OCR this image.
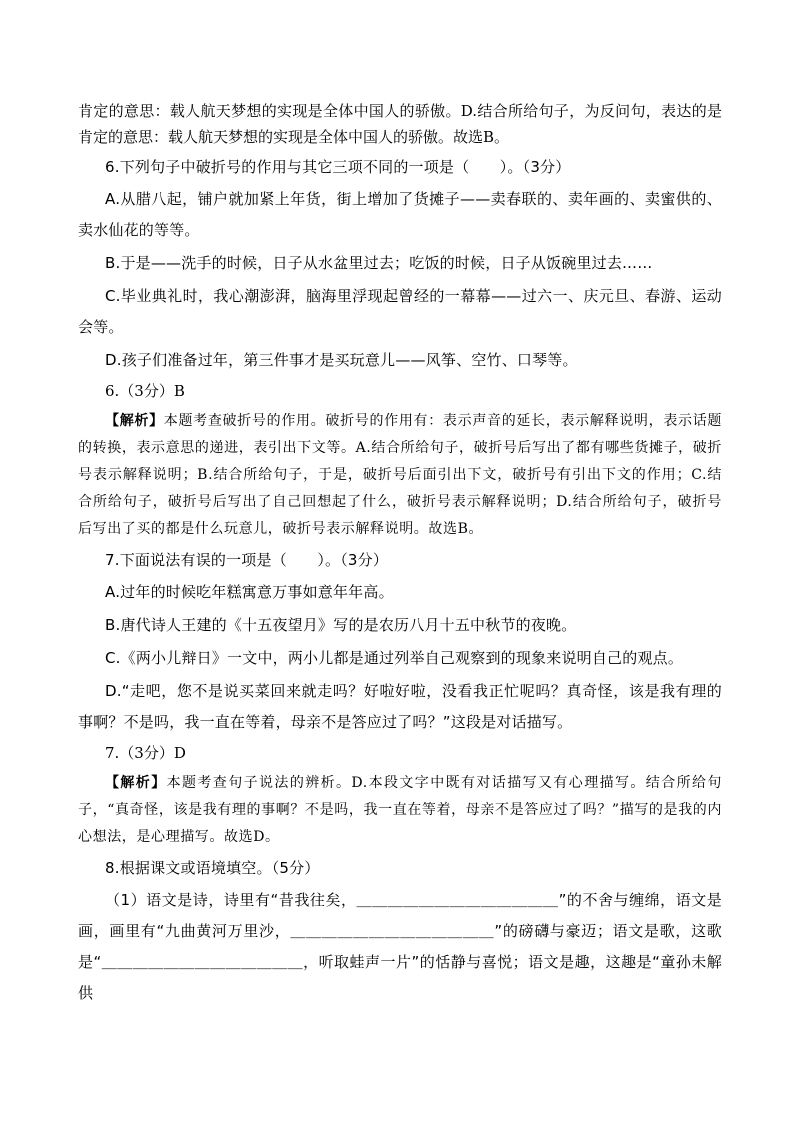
肯定的意思：载人航天梦想的实现是全体中国人的骄傲。D.结合所给句子，为反问句，表达的是肯定的意思：载人航天梦想的实现是全体中国人的骄傲。故选B。

6.下列句子中破折号的作用与其它三项不同的一项是（　　）。（3分）

A.从腊八起，铺户就加紧上年货，街上增加了货摊子——卖春联的、卖年画的、卖蜜供的、卖水仙花的等等。

B.于是——洗手的时候，日子从水盆里过去；吃饭的时候，日子从饭碗里过去……

C.毕业典礼时，我心潮澎湃，脑海里浮现起曾经的一幕幕——过六一、庆元旦、春游、运动会等。

D.孩子们准备过年，第三件事才是买玩意儿——风筝、空竹、口琴等。

6.（3分）B

【解析】本题考查破折号的作用。破折号的作用有：表示声音的延长，表示解释说明，表示话题的转换，表示意思的递进，表引出下文等。A.结合所给句子，破折号后写出了都有哪些货摊子，破折号表示解释说明；B.结合所给句子，于是，破折号后面引出下文，破折号有引出下文的作用；C.结合所给句子，破折号后写出了自己回想起了什么，破折号表示解释说明；D.结合所给句子，破折号后写出了买的都是什么玩意儿，破折号表示解释说明。故选B。

7.下面说法有误的一项是（　　）。（3分）

A.过年的时候吃年糕寓意万事如意年年高。

B.唐代诗人王建的《十五夜望月》写的是农历八月十五中秋节的夜晚。

C.《两小儿辩日》一文中，两小儿都是通过列举自己观察到的现象来说明自己的观点。

D.“走吧，您不是说买菜回来就走吗？好啦好啦，没看我正忙呢吗？真奇怪，该是我有理的事啊？不是吗，我一直在等着，母亲不是答应过了吗？”这段是对话描写。

7.（3分）D

【解析】本题考查句子说法的辨析。D.本段文字中既有对话描写又有心理描写。结合所给句子，“真奇怪，该是我有理的事啊？不是吗，我一直在等着，母亲不是答应过了吗？”描写的是我的内心想法，是心理描写。故选D。

8.根据课文或语境填空。（5分）

（1）语文是诗，诗里有“昔我往矣，＿＿＿＿＿＿＿＿＿＿＿＿＿”的不舍与缠绵，语文是画，画里有“九曲黄河万里沙，＿＿＿＿＿＿＿＿＿＿＿＿＿”的磅礴与豪迈；语文是歌，这歌是“＿＿＿＿＿＿＿＿＿＿＿＿＿，听取蛙声一片”的恬静与喜悦；语文是趣，这趣是“童孙未解供
